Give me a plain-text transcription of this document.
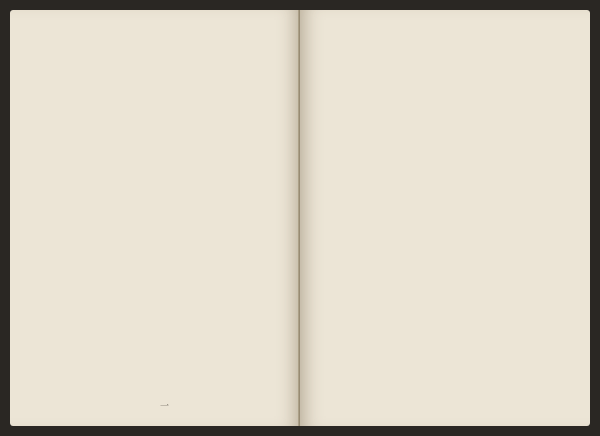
一
